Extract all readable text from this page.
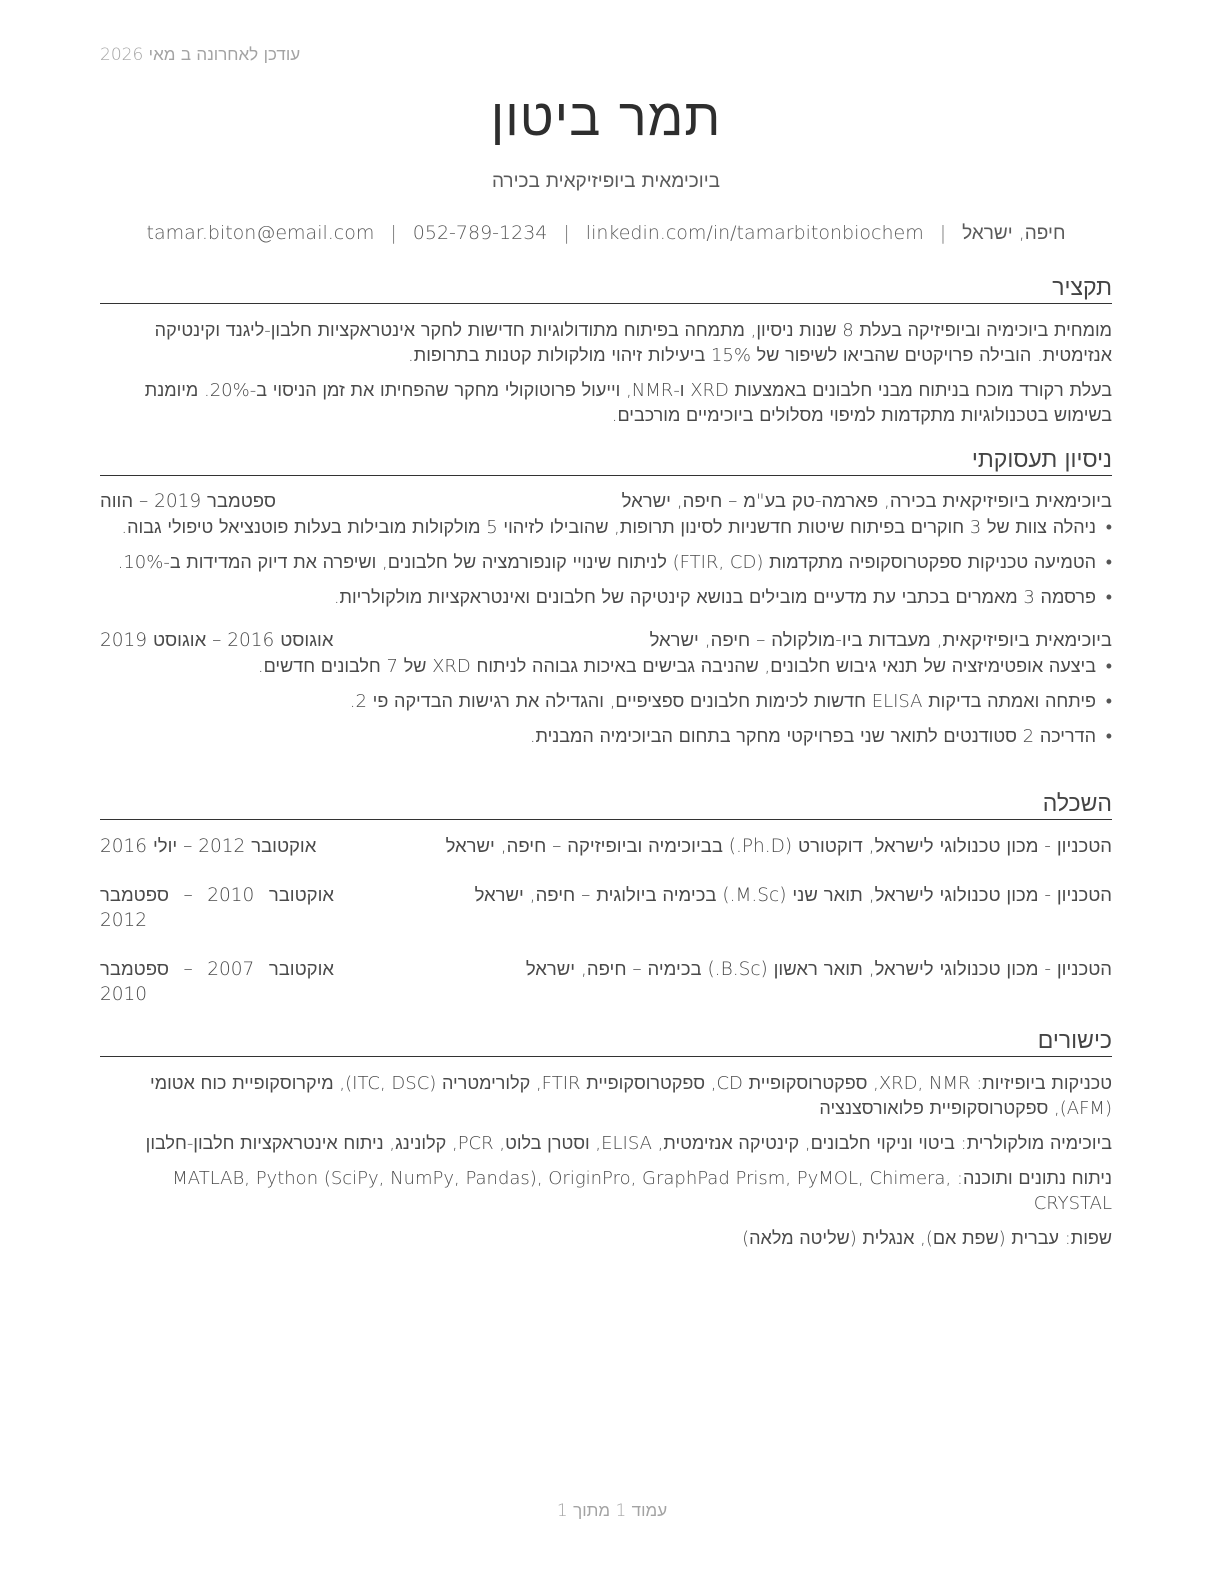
עודכן לאחרונה ב מאי 2026
תמר ביטון
ביוכימאית ביופיזיקאית בכירה
חיפה, ישראל|tamar.biton@email.com | 052-789-1234 | linkedin.com/in/tamarbitonbiochem
תקציר

מומחית ביוכימיה וביופיזיקה בעלת 8 שנות ניסיון, מתמחה בפיתוח מתודולוגיות חדישות לחקר אינטראקציות חלבון-ליגנד וקינטיקה אנזימטית. הובילה פרויקטים שהביאו לשיפור של 15% ביעילות זיהוי מולקולות קטנות בתרופות.

בעלת רקורד מוכח בניתוח מבני חלבונים באמצעות XRD ו-NMR, וייעול פרוטוקולי מחקר שהפחיתו את זמן הניסוי ב-20%. מיומנת בשימוש בטכנולוגיות מתקדמות למיפוי מסלולים ביוכימיים מורכבים.

ניסיון תעסוקתי
ביוכימאית ביופיזיקאית בכירה, פארמה-טק בע"מ – חיפה, ישראל
ספטמבר 2019 – הווה
• ניהלה צוות של 3 חוקרים בפיתוח שיטות חדשניות לסינון תרופות, שהובילו לזיהוי 5 מולקולות מובילות בעלות פוטנציאל טיפולי גבוה.
• הטמיעה טכניקות ספקטרוסקופיה מתקדמות (FTIR, CD) לניתוח שינויי קונפורמציה של חלבונים, ושיפרה את דיוק המדידות ב-10%.
• פרסמה 3 מאמרים בכתבי עת מדעיים מובילים בנושא קינטיקה של חלבונים ואינטראקציות מולקולריות.
ביוכימאית ביופיזיקאית, מעבדות ביו-מולקולה – חיפה, ישראל
אוגוסט 2016 – אוגוסט 2019
• ביצעה אופטימיזציה של תנאי גיבוש חלבונים, שהניבה גבישים באיכות גבוהה לניתוח XRD של 7 חלבונים חדשים.
• פיתחה ואמתה בדיקות ELISA חדשות לכימות חלבונים ספציפיים, והגדילה את רגישות הבדיקה פי 2.
• הדריכה 2 סטודנטים לתואר שני בפרויקטי מחקר בתחום הביוכימיה המבנית.
השכלה
הטכניון - מכון טכנולוגי לישראל, דוקטורט (Ph.D.) בביוכימיה וביופיזיקה – חיפה, ישראל
אוקטובר 2012 – יולי 2016
הטכניון - מכון טכנולוגי לישראל, תואר שני (M.Sc.) בכימיה ביולוגית – חיפה, ישראל
אוקטובר 2010 – ספטמבר 2012
הטכניון - מכון טכנולוגי לישראל, תואר ראשון (B.Sc.) בכימיה – חיפה, ישראל
אוקטובר 2007 – ספטמבר 2010
כישורים

טכניקות ביופיזיות: XRD, NMR, ספקטרוסקופיית CD, ספקטרוסקופיית FTIR, קלורימטריה (ITC, DSC), מיקרוסקופיית כוח אטומי (AFM), ספקטרוסקופיית פלואורסצנציה

ביוכימיה מולקולרית: ביטוי וניקוי חלבונים, קינטיקה אנזימטית, ELISA, וסטרן בלוט, PCR, קלונינג, ניתוח אינטראקציות חלבון-חלבון

ניתוח נתונים ותוכנה: MATLAB, Python (SciPy, NumPy, Pandas), OriginPro, GraphPad Prism, PyMOL, Chimera, CRYSTAL

שפות: עברית (שפת אם), אנגלית (שליטה מלאה)

עמוד 1 מתוך 1
